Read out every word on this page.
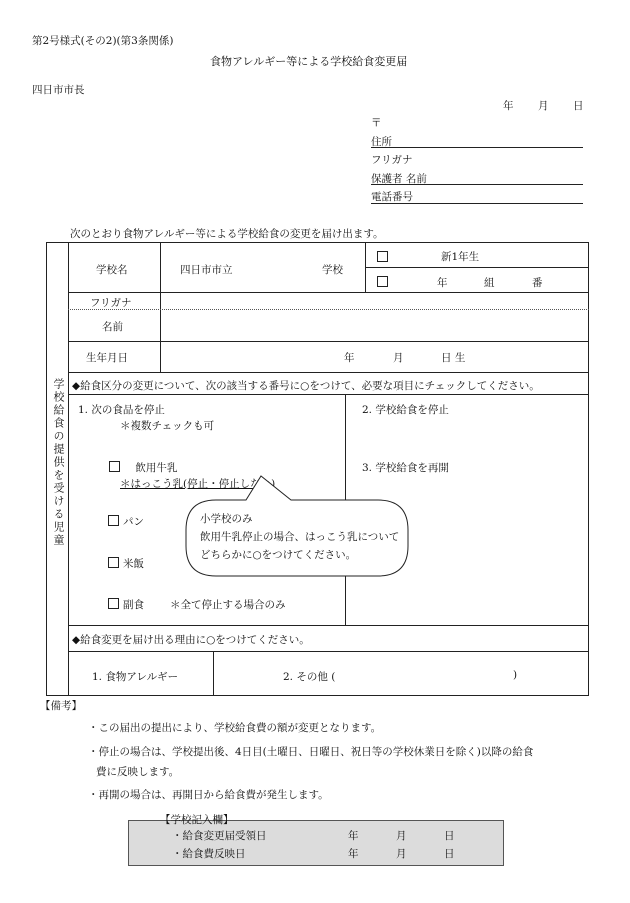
第2号様式(その2)(第3条関係)
食物アレルギー等による学校給食変更届
四日市市長
年 月 日
〒
住所
フリガナ
保護者 名前
電話番号
次のとおり食物アレルギー等による学校給食の変更を届け出ます。
学校給食の提供を受ける児童
学校名	四日市市立	学校
新1年生
年	組	番
フリガナ
名前
生年月日	年	月	日 生
◆給食区分の変更について、次の該当する番号に○をつけて、必要な項目にチェックしてください。
1. 次の食品を停止
＊複数チェックも可
飲用牛乳
＊はっこう乳(停止・停止しない)
パン
米飯
副食 ＊全て停止する場合のみ
2. 学校給食を停止
3. 学校給食を再開
小学校のみ
飲用牛乳停止の場合、はっこう乳について
どちらかに○をつけてください。
◆給食変更を届け出る理由に○をつけてください。
1. 食物アレルギー	2. その他 (	)
【備考】
・この届出の提出により、学校給食費の額が変更となります。
・停止の場合は、学校提出後、4日目(土曜日、日曜日、祝日等の学校休業日を除く)以降の給食
費に反映します。
・再開の場合は、再開日から給食費が発生します。
【学校記入欄】
・給食変更届受領日	年	月	日
・給食費反映日	年	月	日
